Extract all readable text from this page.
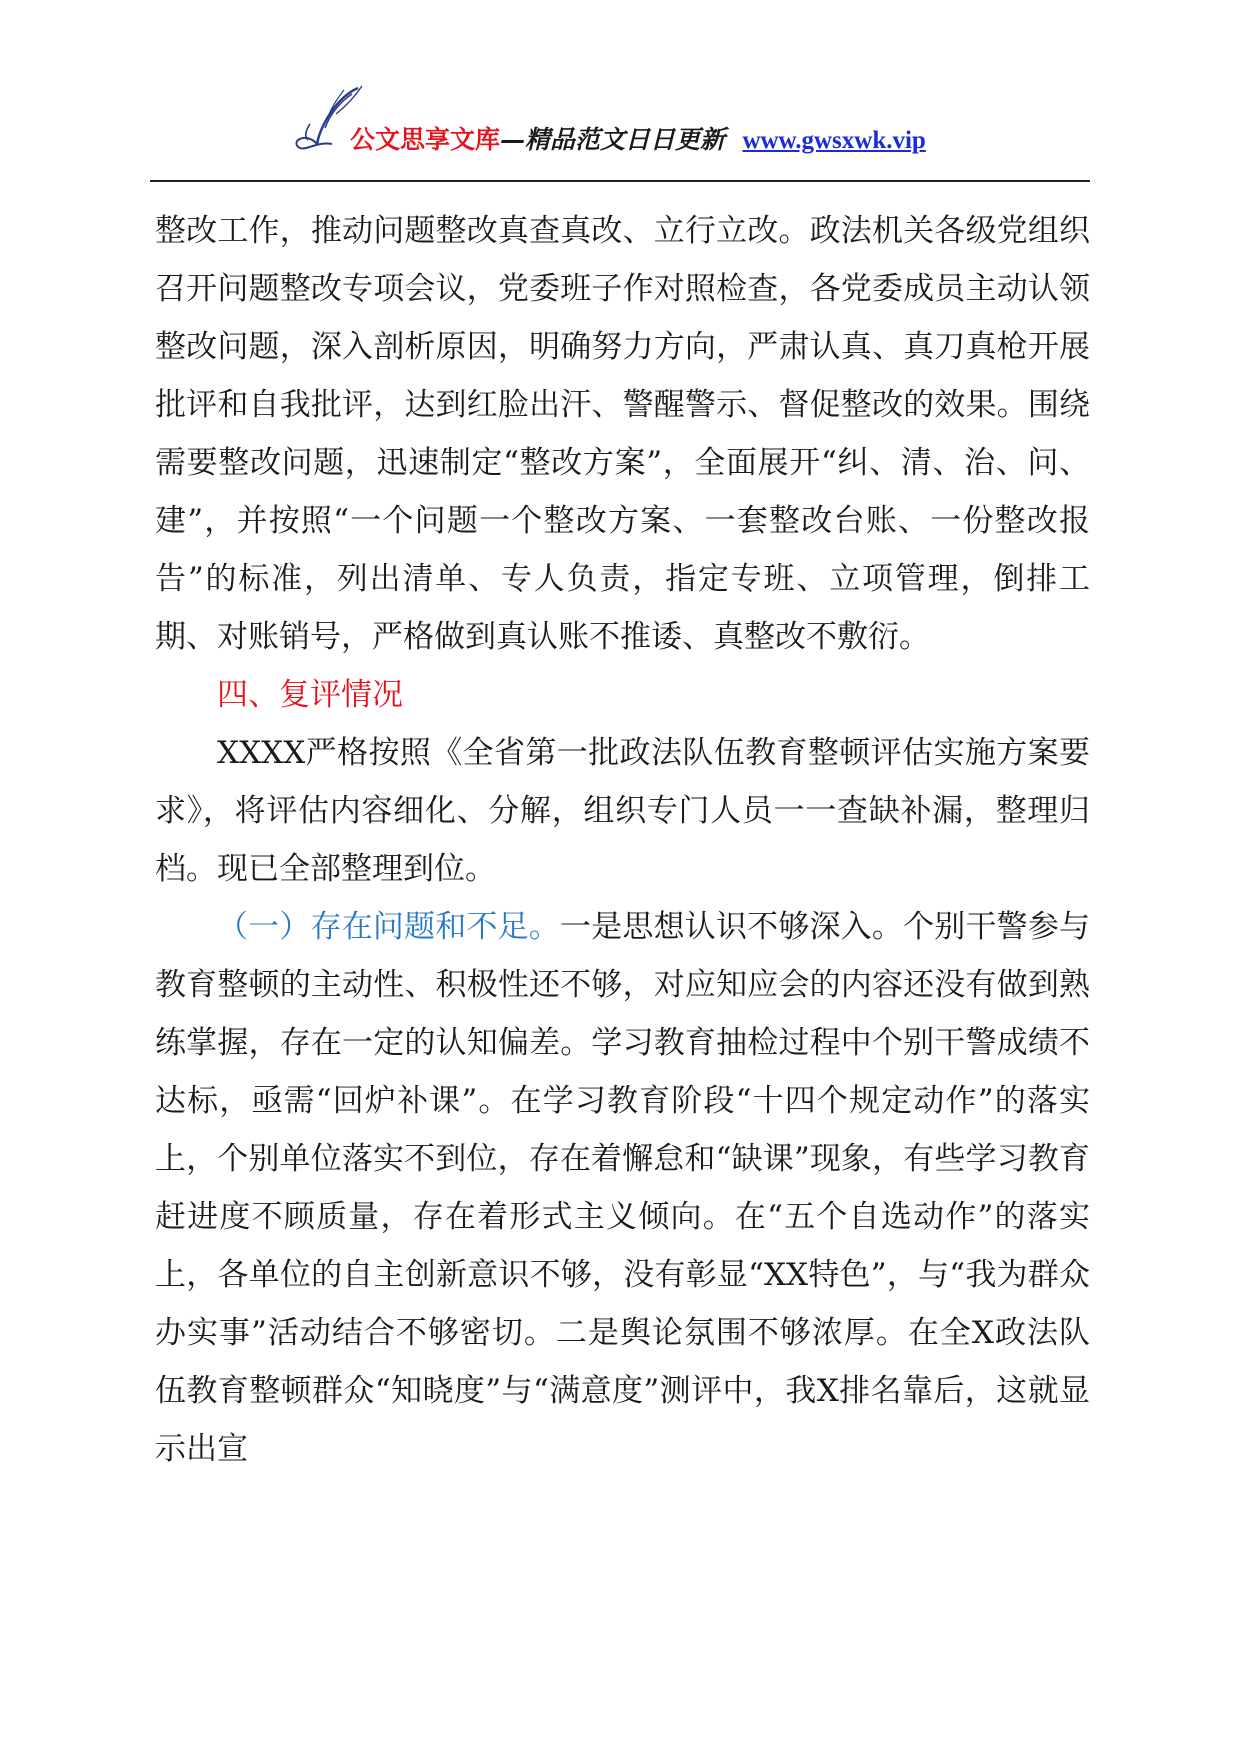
公文思享文库—精品范文日日更新 www.gwsxwk.vip

整改工作，推动问题整改真查真改、立行立改。政法机关各级党组织召开问题整改专项会议，党委班子作对照检查，各党委成员主动认领整改问题，深入剖析原因，明确努力方向，严肃认真、真刀真枪开展批评和自我批评，达到红脸出汗、警醒警示、督促整改的效果。围绕需要整改问题，迅速制定“整改方案”，全面展开“纠、清、治、问、建”，并按照“一个问题一个整改方案、一套整改台账、一份整改报告”的标准，列出清单、专人负责，指定专班、立项管理，倒排工期、对账销号，严格做到真认账不推诿、真整改不敷衍。

四、复评情况

XXXX严格按照《全省第一批政法队伍教育整顿评估实施方案要求》，将评估内容细化、分解，组织专门人员一一查缺补漏，整理归档。现已全部整理到位。

（一）存在问题和不足。一是思想认识不够深入。个别干警参与教育整顿的主动性、积极性还不够，对应知应会的内容还没有做到熟练掌握，存在一定的认知偏差。学习教育抽检过程中个别干警成绩不达标，亟需“回炉补课”。在学习教育阶段“十四个规定动作”的落实上，个别单位落实不到位，存在着懈怠和“缺课”现象，有些学习教育赶进度不顾质量，存在着形式主义倾向。在“五个自选动作”的落实上，各单位的自主创新意识不够，没有彰显“XX特色”，与“我为群众办实事”活动结合不够密切。二是舆论氛围不够浓厚。在全X政法队伍教育整顿群众“知晓度”与“满意度”测评中，我X排名靠后，这就显示出宣
